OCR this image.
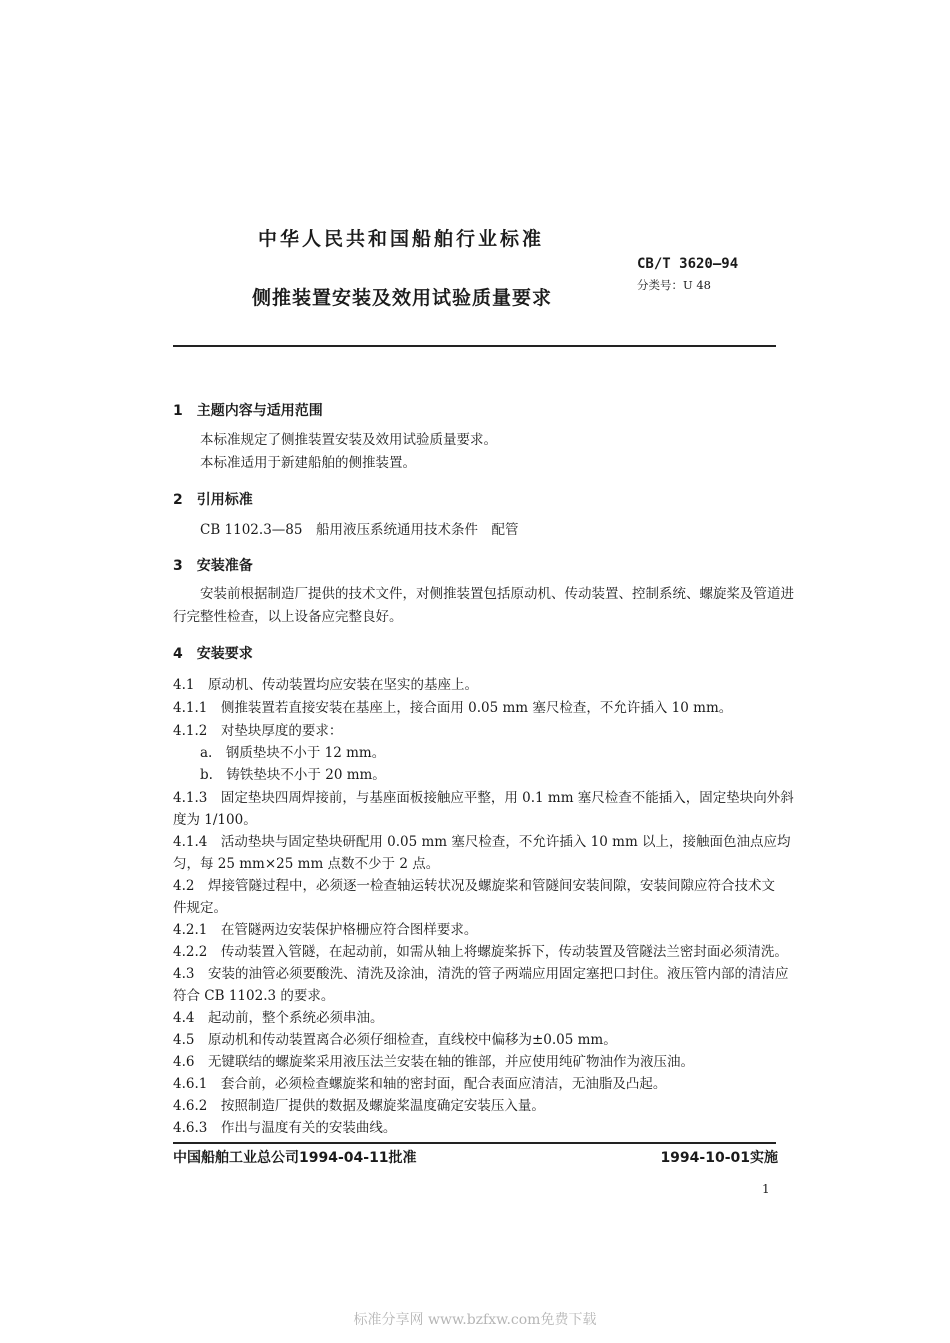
中华人民共和国船舶行业标准
侧推装置安装及效用试验质量要求
CB/T 3620—94
分类号：U 48
1　主题内容与适用范围
本标准规定了侧推装置安装及效用试验质量要求。
本标准适用于新建船舶的侧推装置。
2　引用标准
CB 1102.3—85　船用液压系统通用技术条件　配管
3　安装准备
安装前根据制造厂提供的技术文件，对侧推装置包括原动机、传动装置、控制系统、螺旋桨及管道进
行完整性检查，以上设备应完整良好。
4　安装要求
4.1　原动机、传动装置均应安装在坚实的基座上。
4.1.1　侧推装置若直接安装在基座上，接合面用 0.05 mm 塞尺检查，不允许插入 10 mm。
4.1.2　对垫块厚度的要求：
a.　钢质垫块不小于 12 mm。
b.　铸铁垫块不小于 20 mm。
4.1.3　固定垫块四周焊接前，与基座面板接触应平整，用 0.1 mm 塞尺检查不能插入，固定垫块向外斜
度为 1/100。
4.1.4　活动垫块与固定垫块研配用 0.05 mm 塞尺检查，不允许插入 10 mm 以上，接触面色油点应均
匀，每 25 mm×25 mm 点数不少于 2 点。
4.2　焊接管隧过程中，必须逐一检查轴运转状况及螺旋桨和管隧间安装间隙，安装间隙应符合技术文
件规定。
4.2.1　在管隧两边安装保护格栅应符合图样要求。
4.2.2　传动装置入管隧，在起动前，如需从轴上将螺旋桨拆下，传动装置及管隧法兰密封面必须清洗。
4.3　安装的油管必须要酸洗、清洗及涂油，清洗的管子两端应用固定塞把口封住。液压管内部的清洁应
符合 CB 1102.3 的要求。
4.4　起动前，整个系统必须串油。
4.5　原动机和传动装置离合必须仔细检查，直线校中偏移为±0.05 mm。
4.6　无键联结的螺旋桨采用液压法兰安装在轴的锥部，并应使用纯矿物油作为液压油。
4.6.1　套合前，必须检查螺旋桨和轴的密封面，配合表面应清洁，无油脂及凸起。
4.6.2　按照制造厂提供的数据及螺旋桨温度确定安装压入量。
4.6.3　作出与温度有关的安装曲线。
中国船舶工业总公司1994-04-11批准	1994-10-01实施
1
标准分享网 www.bzfxw.com免费下载
